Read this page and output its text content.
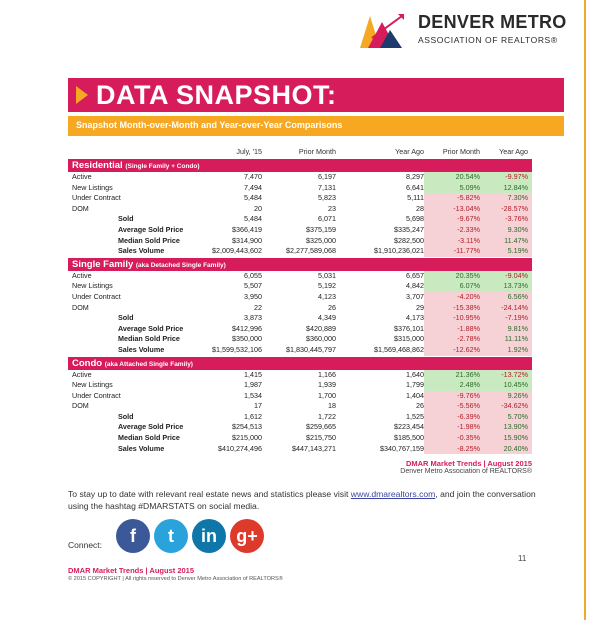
DENVER METRO
ASSOCIATION OF REALTORS®
DATA SNAPSHOT:
Snapshot Month-over-Month and Year-over-Year Comparisons
July, '15	Prior Month	Year Ago	Prior Month	Year Ago
Residential (Single Family + Condo)
Active	7,470	6,197	8,297	20.54%	-9.97%
New Listings	7,494	7,131	6,641	5.09%	12.84%
Under Contract	5,484	5,823	5,111	-5.82%	7.30%
DOM	20	23	28	-13.04%	-28.57%
Sold	5,484	6,071	5,698	-9.67%	-3.76%
Average Sold Price	$366,419	$375,159	$335,247	-2.33%	9.30%
Median Sold Price	$314,900	$325,000	$282,500	-3.11%	11.47%
Sales Volume	$2,009,443,602	$2,277,589,068	$1,910,236,021	-11.77%	5.19%
Single Family (aka Detached Single Family)
Active	6,055	5,031	6,657	20.35%	-9.04%
New Listings	5,507	5,192	4,842	6.07%	13.73%
Under Contract	3,950	4,123	3,707	-4.20%	6.56%
DOM	22	26	29	-15.38%	-24.14%
Sold	3,873	4,349	4,173	-10.95%	-7.19%
Average Sold Price	$412,996	$420,889	$376,101	-1.88%	9.81%
Median Sold Price	$350,000	$360,000	$315,000	-2.78%	11.11%
Sales Volume	$1,599,532,106	$1,830,445,797	$1,569,468,862	-12.62%	1.92%
Condo (aka Attached Single Family)
Active	1,415	1,166	1,640	21.36%	-13.72%
New Listings	1,987	1,939	1,799	2.48%	10.45%
Under Contract	1,534	1,700	1,404	-9.76%	9.26%
DOM	17	18	26	-5.56%	-34.62%
Sold	1,612	1,722	1,525	-6.39%	5.70%
Average Sold Price	$254,513	$259,665	$223,454	-1.98%	13.90%
Median Sold Price	$215,000	$215,750	$185,500	-0.35%	15.90%
Sales Volume	$410,274,496	$447,143,271	$340,767,159	-8.25%	20.40%
DMAR Market Trends | August 2015
Denver Metro Association of REALTORS®
To stay up to date with relevant real estate news and statistics please visit www.dmarealtors.com, and join the conversation using the hashtag #DMARSTATS on social media.
Connect:	f	t	in	g+
11
DMAR Market Trends | August 2015
© 2015 COPYRIGHT | All rights reserved to Denver Metro Association of REALTORS®
